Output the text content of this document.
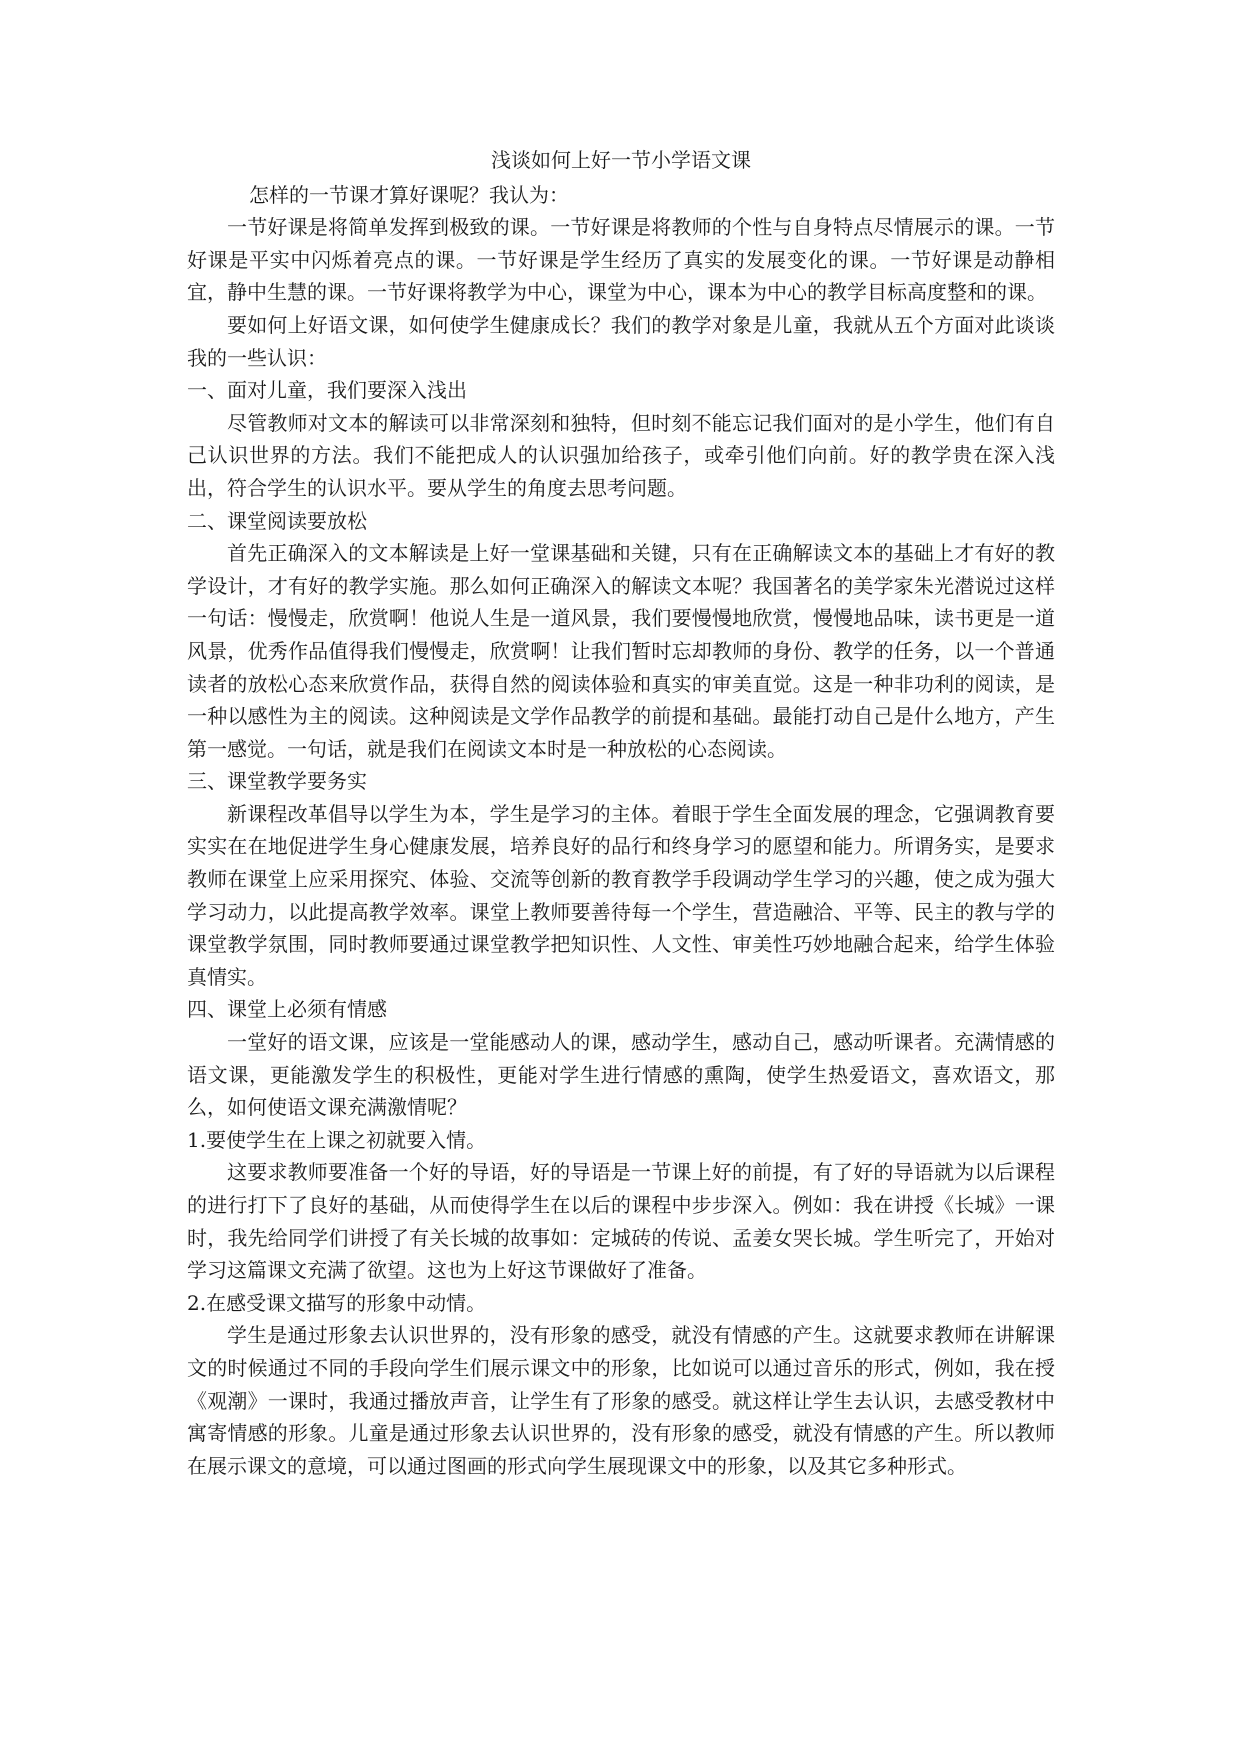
浅谈如何上好一节小学语文课

怎样的一节课才算好课呢？我认为：

一节好课是将简单发挥到极致的课。一节好课是将教师的个性与自身特点尽情展示的课。一节好课是平实中闪烁着亮点的课。一节好课是学生经历了真实的发展变化的课。一节好课是动静相宜，静中生慧的课。一节好课将教学为中心，课堂为中心，课本为中心的教学目标高度整和的课。

要如何上好语文课，如何使学生健康成长？我们的教学对象是儿童，我就从五个方面对此谈谈我的一些认识：

一、面对儿童，我们要深入浅出

尽管教师对文本的解读可以非常深刻和独特，但时刻不能忘记我们面对的是小学生，他们有自己认识世界的方法。我们不能把成人的认识强加给孩子，或牵引他们向前。好的教学贵在深入浅出，符合学生的认识水平。要从学生的角度去思考问题。

二、课堂阅读要放松

首先正确深入的文本解读是上好一堂课基础和关键，只有在正确解读文本的基础上才有好的教学设计，才有好的教学实施。那么如何正确深入的解读文本呢？我国著名的美学家朱光潜说过这样一句话：慢慢走，欣赏啊！他说人生是一道风景，我们要慢慢地欣赏，慢慢地品味，读书更是一道风景，优秀作品值得我们慢慢走，欣赏啊！让我们暂时忘却教师的身份、教学的任务，以一个普通读者的放松心态来欣赏作品，获得自然的阅读体验和真实的审美直觉。这是一种非功利的阅读，是一种以感性为主的阅读。这种阅读是文学作品教学的前提和基础。最能打动自己是什么地方，产生第一感觉。一句话，就是我们在阅读文本时是一种放松的心态阅读。

三、课堂教学要务实

新课程改革倡导以学生为本，学生是学习的主体。着眼于学生全面发展的理念，它强调教育要实实在在地促进学生身心健康发展，培养良好的品行和终身学习的愿望和能力。所谓务实，是要求教师在课堂上应采用探究、体验、交流等创新的教育教学手段调动学生学习的兴趣，使之成为强大学习动力，以此提高教学效率。课堂上教师要善待每一个学生，营造融洽、平等、民主的教与学的课堂教学氛围，同时教师要通过课堂教学把知识性、人文性、审美性巧妙地融合起来，给学生体验真情实。

四、课堂上必须有情感

一堂好的语文课，应该是一堂能感动人的课，感动学生，感动自己，感动听课者。充满情感的语文课，更能激发学生的积极性，更能对学生进行情感的熏陶，使学生热爱语文，喜欢语文，那么，如何使语文课充满激情呢？

1.要使学生在上课之初就要入情。

这要求教师要准备一个好的导语，好的导语是一节课上好的前提，有了好的导语就为以后课程的进行打下了良好的基础，从而使得学生在以后的课程中步步深入。例如：我在讲授《长城》一课时，我先给同学们讲授了有关长城的故事如：定城砖的传说、孟姜女哭长城。学生听完了，开始对学习这篇课文充满了欲望。这也为上好这节课做好了准备。

2.在感受课文描写的形象中动情。

学生是通过形象去认识世界的，没有形象的感受，就没有情感的产生。这就要求教师在讲解课文的时候通过不同的手段向学生们展示课文中的形象，比如说可以通过音乐的形式，例如，我在授《观潮》一课时，我通过播放声音，让学生有了形象的感受。就这样让学生去认识，去感受教材中寓寄情感的形象。儿童是通过形象去认识世界的，没有形象的感受，就没有情感的产生。所以教师在展示课文的意境，可以通过图画的形式向学生展现课文中的形象，以及其它多种形式。
